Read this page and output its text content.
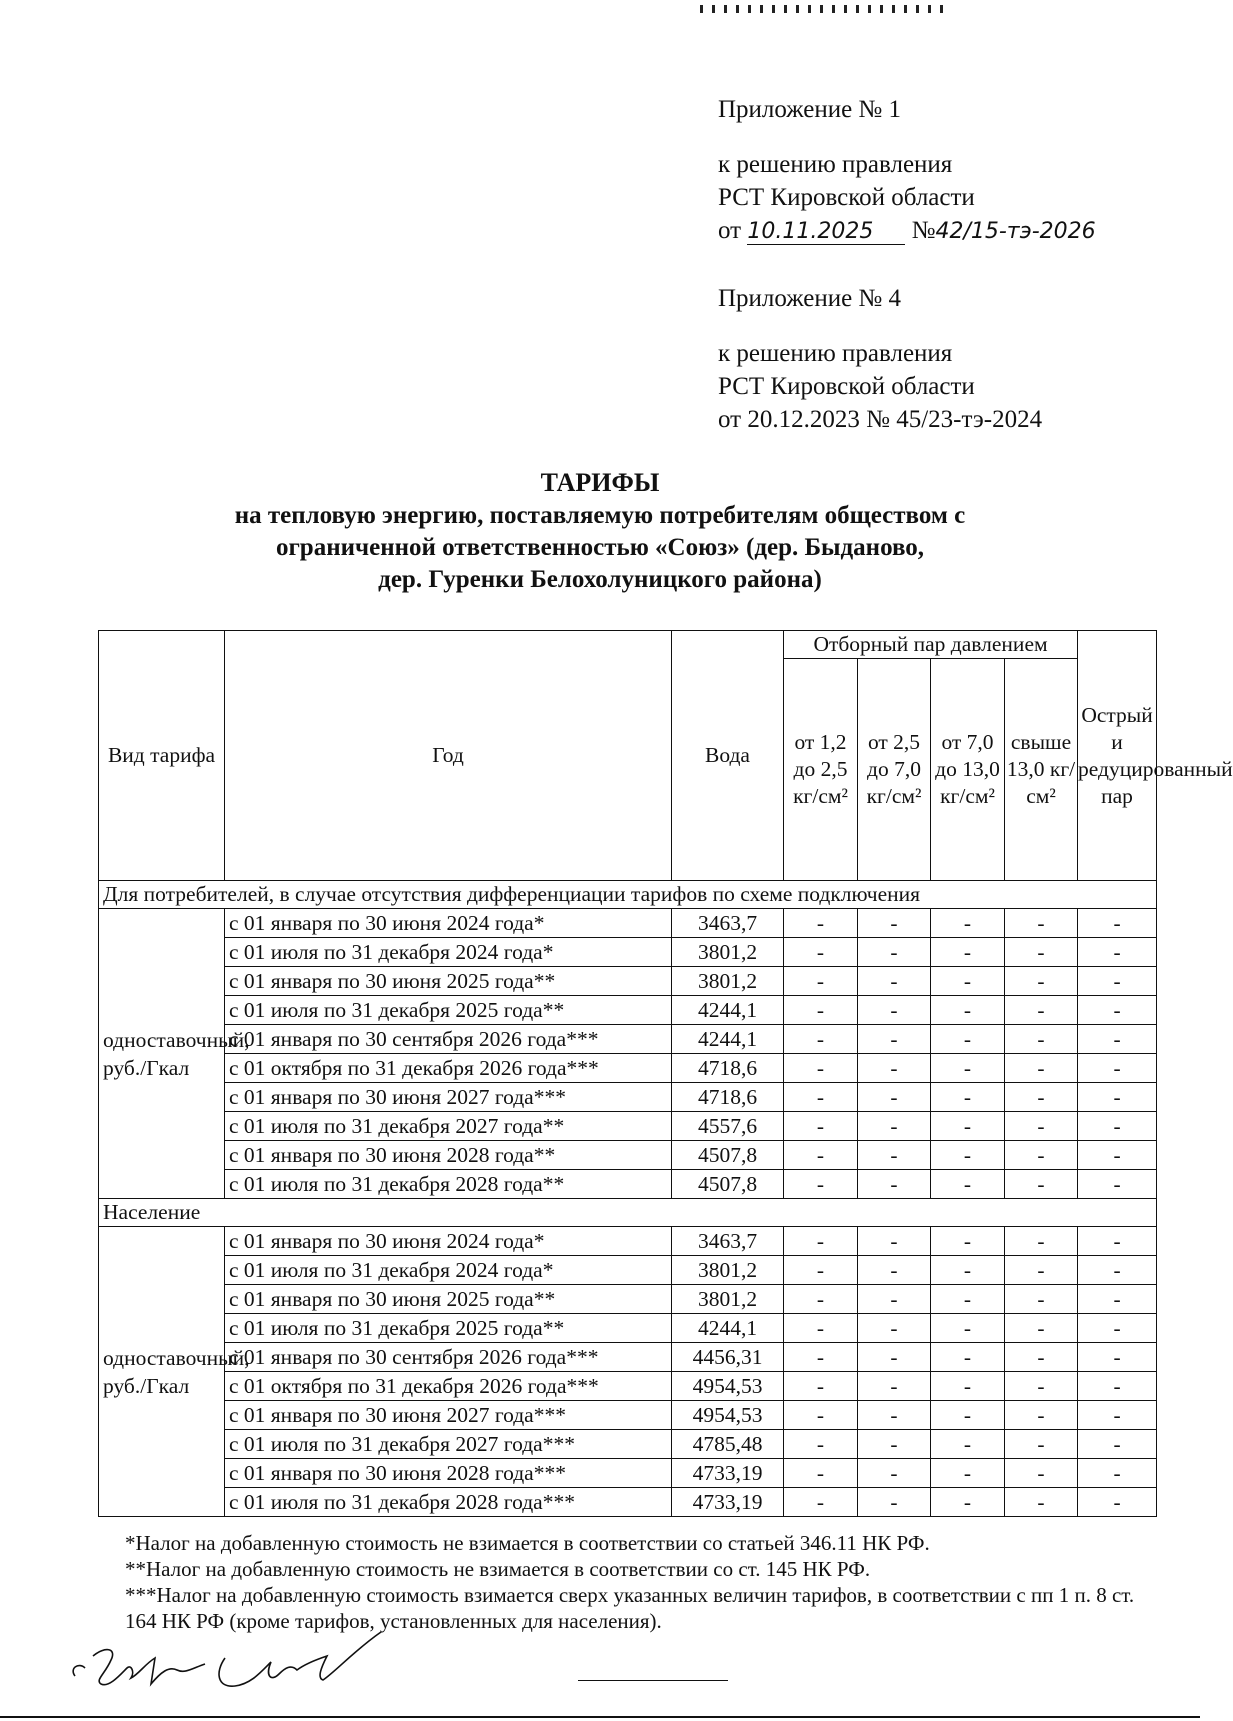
Приложение № 1

к решению правления

РСТ Кировской области

от 10.11.2025 №42/15-тэ-2026

Приложение № 4

к решению правления

РСТ Кировской области

от 20.12.2023 № 45/23-тэ-2024

ТАРИФЫ
на тепловую энергию, поставляемую потребителям обществом с
ограниченной ответственностью «Союз» (дер. Быданово,
дер. Гуренки Белохолуницкого района)
Вид тарифа	Год	Вода	Отборный пар давлением				Острый и редуцированный пар
			от 1,2 до 2,5 кг/см²	от 2,5 до 7,0 кг/см²	от 7,0 до 13,0 кг/см²	свыше 13,0 кг/см²	
Для потребителей, в случае отсутствия дифференциации тарифов по схеме подключения							
одноставочный, руб./Гкал	с 01 января по 30 июня 2024 года*	3463,7	-	-	-	-	-
	с 01 июля по 31 декабря 2024 года*	3801,2	-	-	-	-	-
	с 01 января по 30 июня 2025 года**	3801,2	-	-	-	-	-
	с 01 июля по 31 декабря 2025 года**	4244,1	-	-	-	-	-
	с 01 января по 30 сентября 2026 года***	4244,1	-	-	-	-	-
	с 01 октября по 31 декабря 2026 года***	4718,6	-	-	-	-	-
	с 01 января по 30 июня 2027 года***	4718,6	-	-	-	-	-
	с 01 июля по 31 декабря 2027 года**	4557,6	-	-	-	-	-
	с 01 января по 30 июня 2028 года**	4507,8	-	-	-	-	-
	с 01 июля по 31 декабря 2028 года**	4507,8	-	-	-	-	-
Население							
одноставочный, руб./Гкал	с 01 января по 30 июня 2024 года*	3463,7	-	-	-	-	-
	с 01 июля по 31 декабря 2024 года*	3801,2	-	-	-	-	-
	с 01 января по 30 июня 2025 года**	3801,2	-	-	-	-	-
	с 01 июля по 31 декабря 2025 года**	4244,1	-	-	-	-	-
	с 01 января по 30 сентября 2026 года***	4456,31	-	-	-	-	-
	с 01 октября по 31 декабря 2026 года***	4954,53	-	-	-	-	-
	с 01 января по 30 июня 2027 года***	4954,53	-	-	-	-	-
	с 01 июля по 31 декабря 2027 года***	4785,48	-	-	-	-	-
	с 01 января по 30 июня 2028 года***	4733,19	-	-	-	-	-
	с 01 июля по 31 декабря 2028 года***	4733,19	-	-	-	-	-

*Налог на добавленную стоимость не взимается в соответствии со статьей 346.11 НК РФ.

**Налог на добавленную стоимость не взимается в соответствии со ст. 145 НК РФ.

***Налог на добавленную стоимость взимается сверх указанных величин тарифов, в соответствии с пп 1 п. 8 ст. 164 НК РФ (кроме тарифов, установленных для населения).
